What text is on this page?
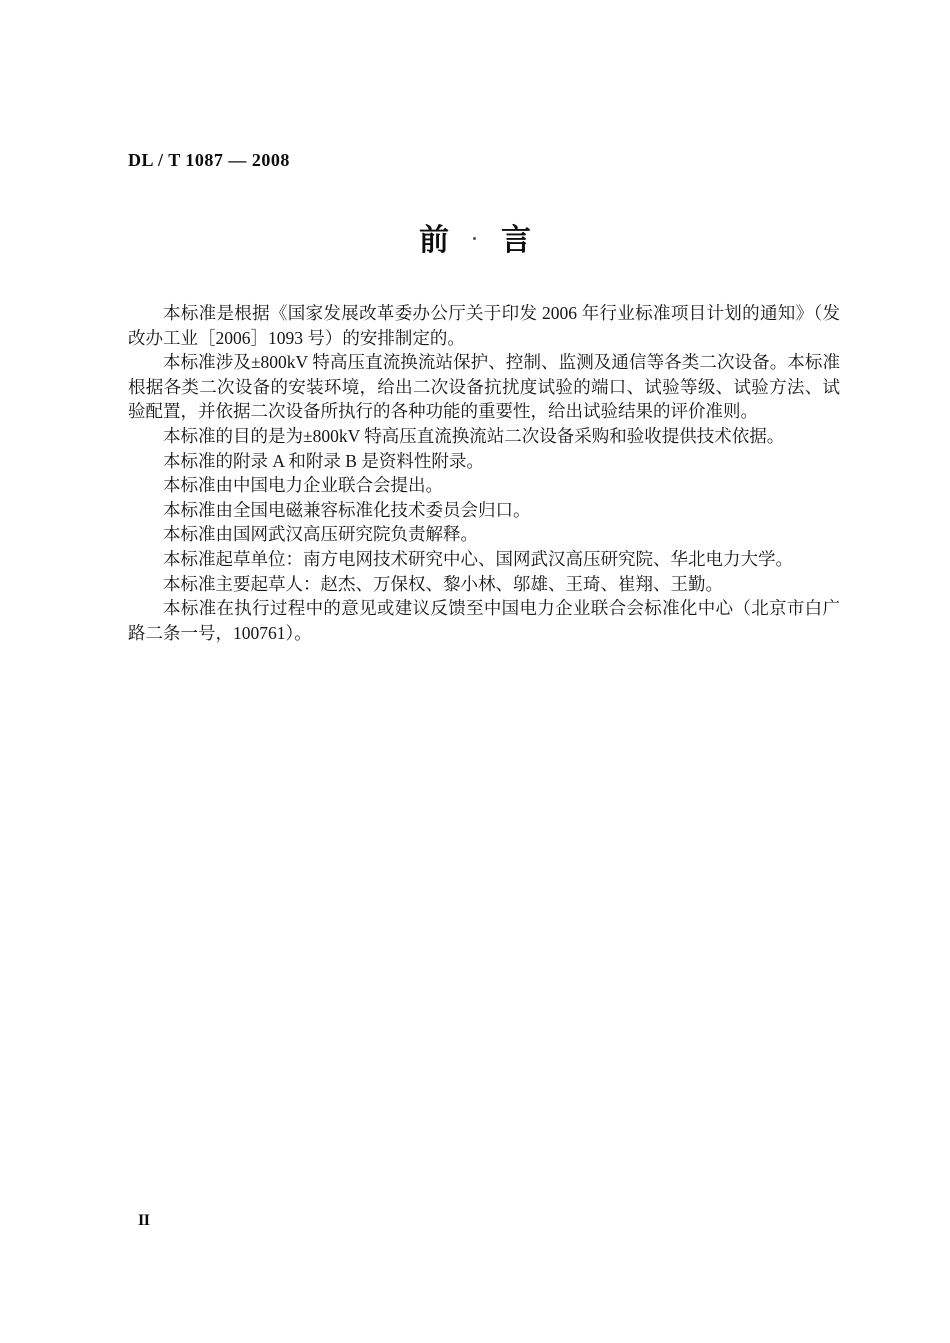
DL / T 1087 — 2008
前 言

本标准是根据《国家发展改革委办公厅关于印发 2006 年行业标准项目计划的通知》（发改办工业［2006］1093 号）的安排制定的。

本标准涉及±800kV 特高压直流换流站保护、控制、监测及通信等各类二次设备。本标准根据各类二次设备的安装环境，给出二次设备抗扰度试验的端口、试验等级、试验方法、试验配置，并依据二次设备所执行的各种功能的重要性，给出试验结果的评价准则。

本标准的目的是为±800kV 特高压直流换流站二次设备采购和验收提供技术依据。

本标准的附录 A 和附录 B 是资料性附录。

本标准由中国电力企业联合会提出。

本标准由全国电磁兼容标准化技术委员会归口。

本标准由国网武汉高压研究院负责解释。

本标准起草单位：南方电网技术研究中心、国网武汉高压研究院、华北电力大学。

本标准主要起草人：赵杰、万保权、黎小林、邬雄、王琦、崔翔、王勤。

本标准在执行过程中的意见或建议反馈至中国电力企业联合会标准化中心（北京市白广路二条一号，100761）。

II
